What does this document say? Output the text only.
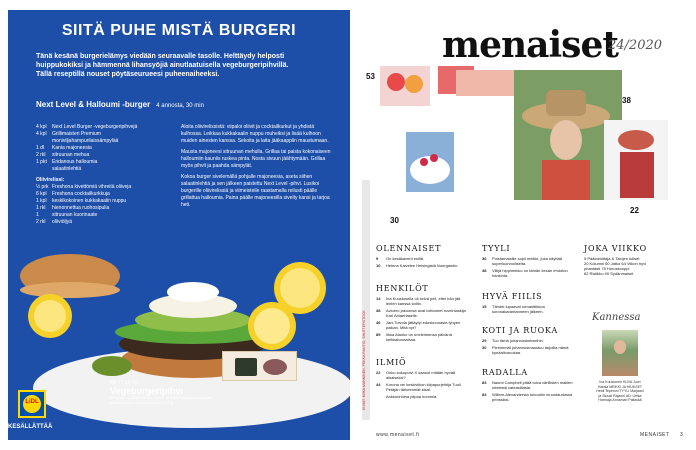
SIITÄ PUHE MISTÄ BURGERI
Tänä kesänä burgerielämys viedään seuraavalle tasolle. Helttäydy helposti
huippukokiksi ja hämmennä lihansyöjiä ainutlaatuisella vegeburgeripihvillä.
Tällä reseptillä nouset pöytäseurueesi puheenaiheeksi.
Next Level & Halloumi -burger 4 annosta, 30 min
4 kpl	Next Level Burger -vegeburgeripihvejä
4 kpl	Grillimaisteri Premium
moniviljahampurilaissämpylää
1 dl	Kania majoneesia
2 rkl	sitruunan mehua
1 pkt	Eridanous halloumia
salaatinlehtiä
Oliivirelissi:
½ prk Freshona kivettömiä vihreitä oliiveja
6 kpl	Freshona cocktailkurkkuja
1 kpl	keskikokoinen kukkakaalin nuppu
1 rkl	hienonnettua ruohosipulia
1	sitruunan kuorinaate
2 rkl	oliiviöljyä

Aloita oliivirelissistä: viipaloi oliivit ja cocktailkurkut ja yhdistä kulhossa. Leikkaa kukkakaalin nuppu rouheiksi ja lisää kulhoon muiden ainesten kanssa. Sekoita ja laita jääkaappiin maustumaan.

Mausta majoneesi sitruunan mehulla. Grillaa tai paista kokonaiseen halloumiin kauniis ruskea pinta. Nosta sivuun jäähtymään. Grillaa myös pihvit ja paahda sämpylät.

Kokoa burger sivelemällä pohjalle majoneesia, aseta siihen salaatinlehtiä ja sen jälkeen paistettu Next Level -pihvi. Lusikoi burgerille oliivirelissiä ja viimeisteile raastamalla reilusti päälle grillattua halloumia. Paina päälle majoneesilla sivelty kansi ja tarjoa heti.

NEXT LEVEL
Vegeburgeripihvi
herkullinen & vaikka herne-, vehnä- ja soijaproteiinista valmistettu proteiinipitoinen vegeburgeripihvi | 227 g
LiDL
KESÄLLÄTTÄÄ
KUVAT: MIIKA MANNINEN, PEKKA RAUTIO, SHUTTERSTOCK
menaiset
24/2020
53
38
30
22
OLENNAISET
9	On kesäkaverit esillä.
10	Helena Kalvelee Helsingistä Nuorgamiin.
HENKILÖT
14	Ina Kuustosella oli selvä peli, ettei hän jää leirien kanssa kotiin.
38	Avioero jakoonsa avat loittoneet ruvelnlaskija Kari Ahiaeriaselle.
46	Jani Toivola jättäytyi eduskunnasta lyhyen paikan. Mitä nyt?
89	Ilkka Alanko on uneleimensa päivänä kelkkaboussissa.
ILMIÖ
22	Onko sukupolvi X saanut mitään hyvää aikaiseksi?
44	Korona vei keskiviikon kilpapurjehtija Tuuli Petäjän tärkeimmät kisat.
Ankkurinhina piipaa hommia.
TYYLI
36	Puistamaisille sopii meikki, joka näyttää superluonnolliselta.
38	Viilijä hippimekko on tämän kesän ehdoton hankinta.
HYVÄ FIILIS
15	Tähdet lupaavat romanttikkoa koronakarantanneen jälkeen.
KOTI JA RUOKA
29	Tuo tämä juhannuskekseihin.
30	Pienimmät juhannusmaustuu tarjoilla nämä kynäalkuruokaa.
RADALLA
83	Naomi Campbell pitää tulva värillisten mallien mielestä cateasillasta.
84	Willem-Alexandersta tuhoutiin muuntaudossa prinssiksi.
JOKA VIIKKO
5 Päätoimittaja & Talojen tuliset
20 Kolumni 60 Jatko 64 Viikon hyvi
phantasti 78 Horoskooppi
82 Ristikko 90 Sydänmaiset
Kannessa
Ina Kuustonen KUVA Juuri Harala MEIKKI JA HIUKSET Heidi Teperoni TYYLI Marjaani ja Stuudi Rajaoni AD: Ulrika Harmaja Annamari Pallaskä
www.menaiset.fi	MENAISET 3
